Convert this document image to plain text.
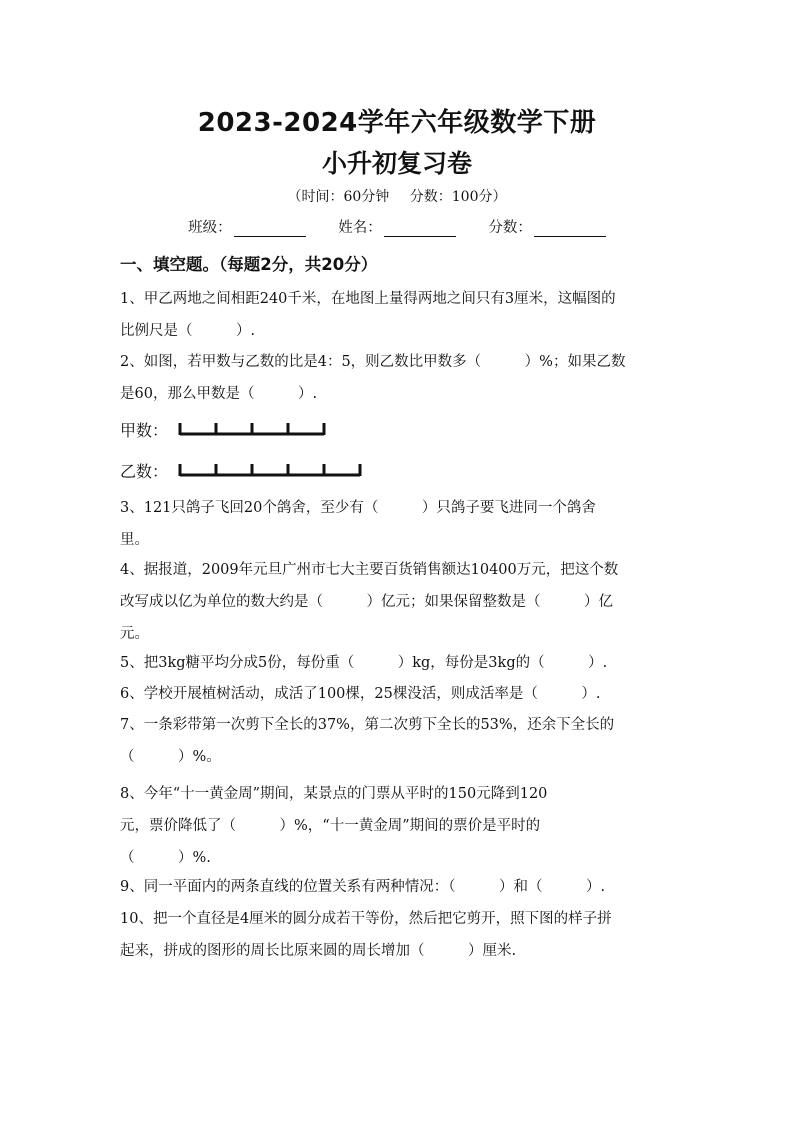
2023-2024学年六年级数学下册
小升初复习卷
（时间：60分钟 分数：100分）
班级：	姓名：	分数：
一、填空题。（每题2分，共20分）
1、甲乙两地之间相距240千米，在地图上量得两地之间只有3厘米，这幅图的
比例尺是（　　　）.
2、如图，若甲数与乙数的比是4：5，则乙数比甲数多（　　　）%；如果乙数
是60，那么甲数是（　　　）.
甲数：
乙数：
3、121只鸽子飞回20个鸽舍，至少有（　　　）只鸽子要飞进同一个鸽舍
里。
4、据报道，2009年元旦广州市七大主要百货销售额达10400万元，把这个数
改写成以亿为单位的数大约是（　　　）亿元；如果保留整数是（　　　）亿
元。
5、把3kg糖平均分成5份，每份重（　　　）kg，每份是3kg的（　　　）.
6、学校开展植树活动，成活了100棵，25棵没活，则成活率是（　　　）.
7、一条彩带第一次剪下全长的37%，第二次剪下全长的53%，还余下全长的
（　　　）%。
8、今年“十一黄金周”期间，某景点的门票从平时的150元降到120
元，票价降低了（　　　）%，“十一黄金周”期间的票价是平时的
（　　　）%.
9、同一平面内的两条直线的位置关系有两种情况：（　　　）和（　　　）.
10、把一个直径是4厘米的圆分成若干等份，然后把它剪开，照下图的样子拼
起来，拼成的图形的周长比原来圆的周长增加（　　　）厘米.
